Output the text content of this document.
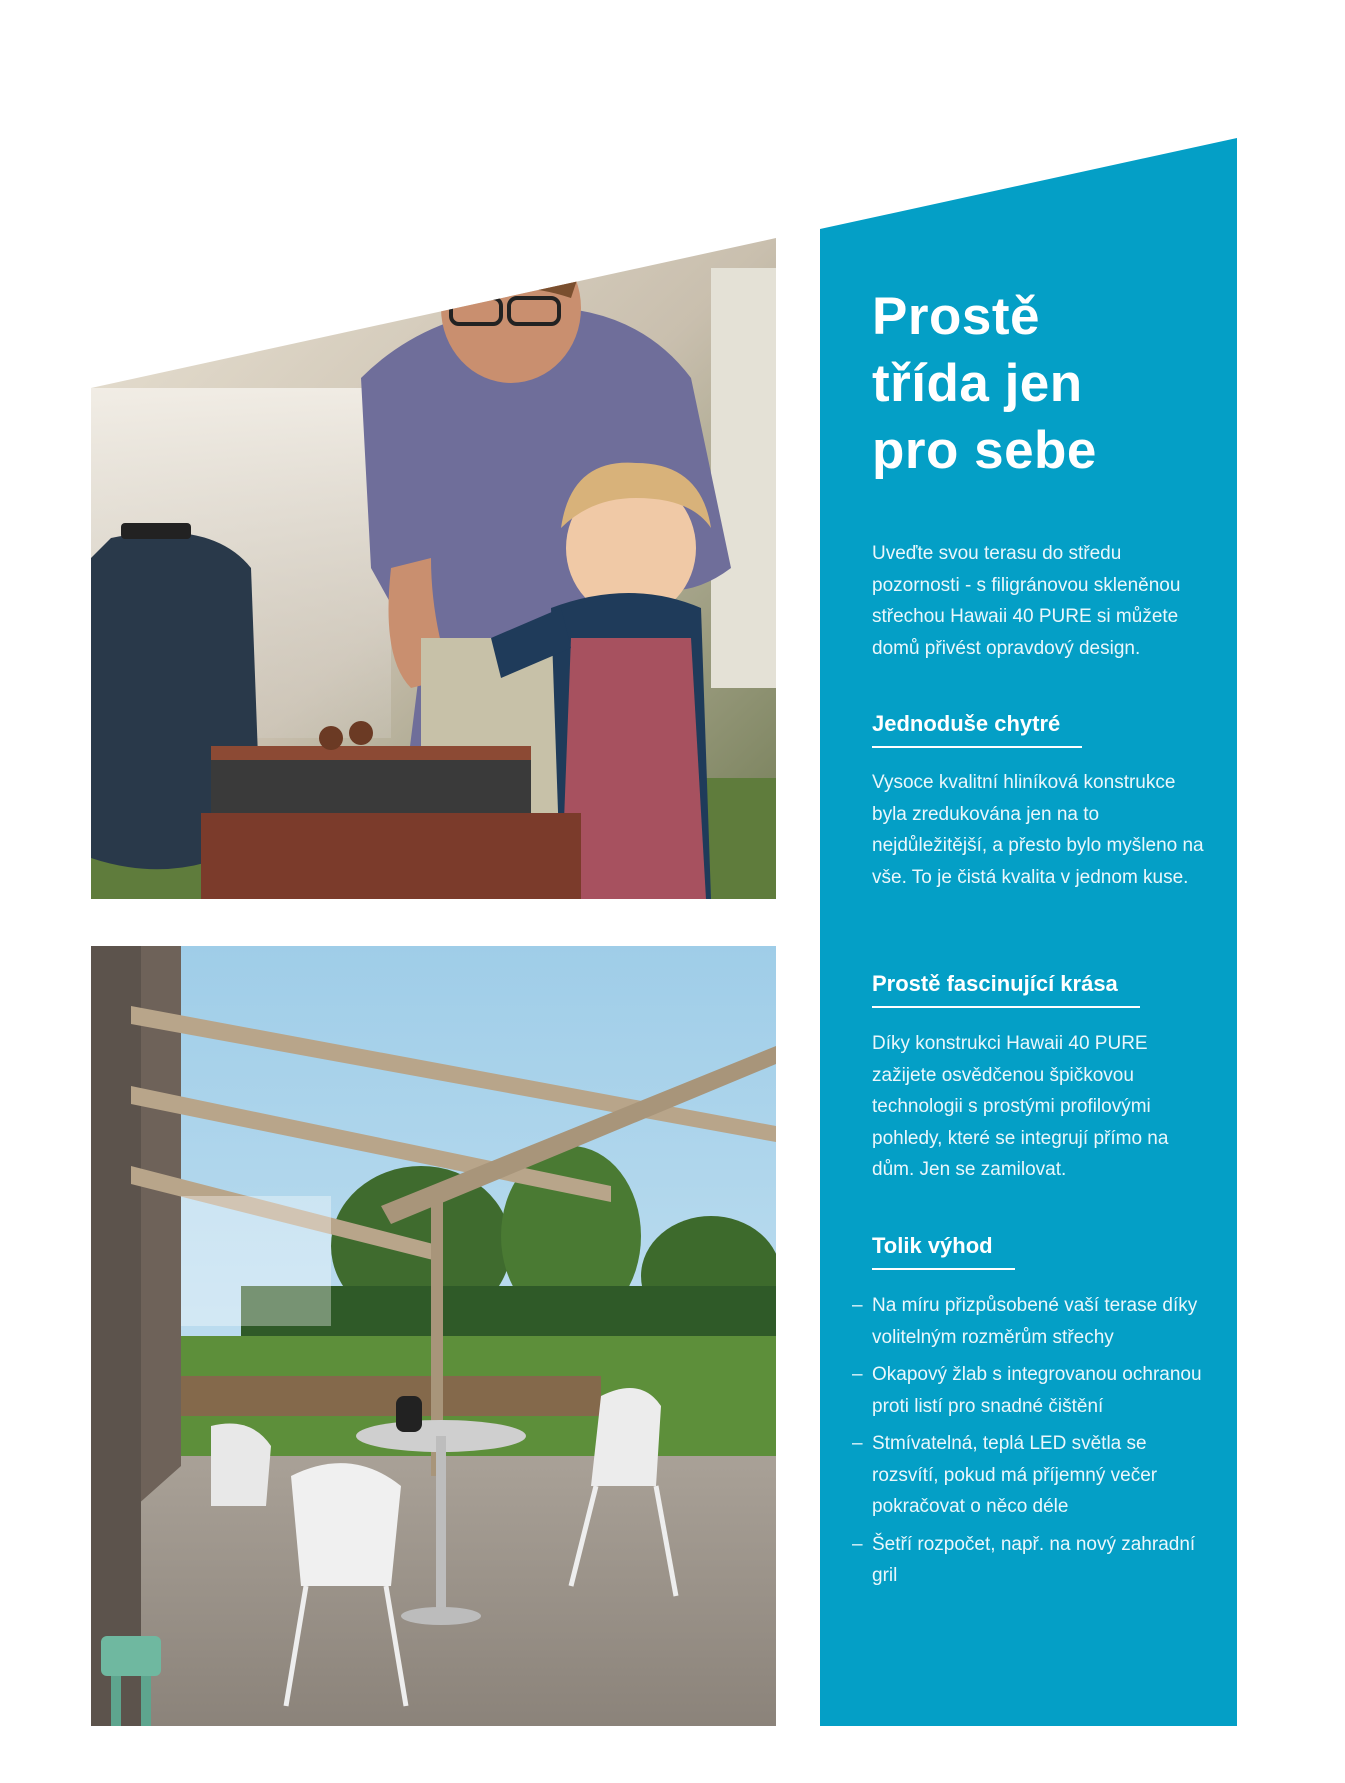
Prostě
třída jen
pro sebe

Uveďte svou terasu do středu pozornosti - s filigránovou skleněnou střechou Hawaii 40 PURE si můžete domů přivést opravdový design.

Jednoduše chytré

Vysoce kvalitní hliníková konstrukce byla zredukována jen na to nejdůležitější, a přesto bylo myšleno na vše. To je čistá kvalita v jednom kuse.

Prostě fascinující krása

Díky konstrukci Hawaii 40 PURE zažijete osvědčenou špičkovou technologii s prostými profilovými pohledy, které se integrují přímo na dům. Jen se zamilovat.

Tolik výhod
– Na míru přizpůsobené vaší terase díky volitelným rozměrům střechy
– Okapový žlab s integrovanou ochranou proti listí pro snadné čištění
– Stmívatelná, teplá LED světla se rozsvítí, pokud má příjemný večer pokračovat o něco déle
– Šetří rozpočet, např. na nový zahradní gril
